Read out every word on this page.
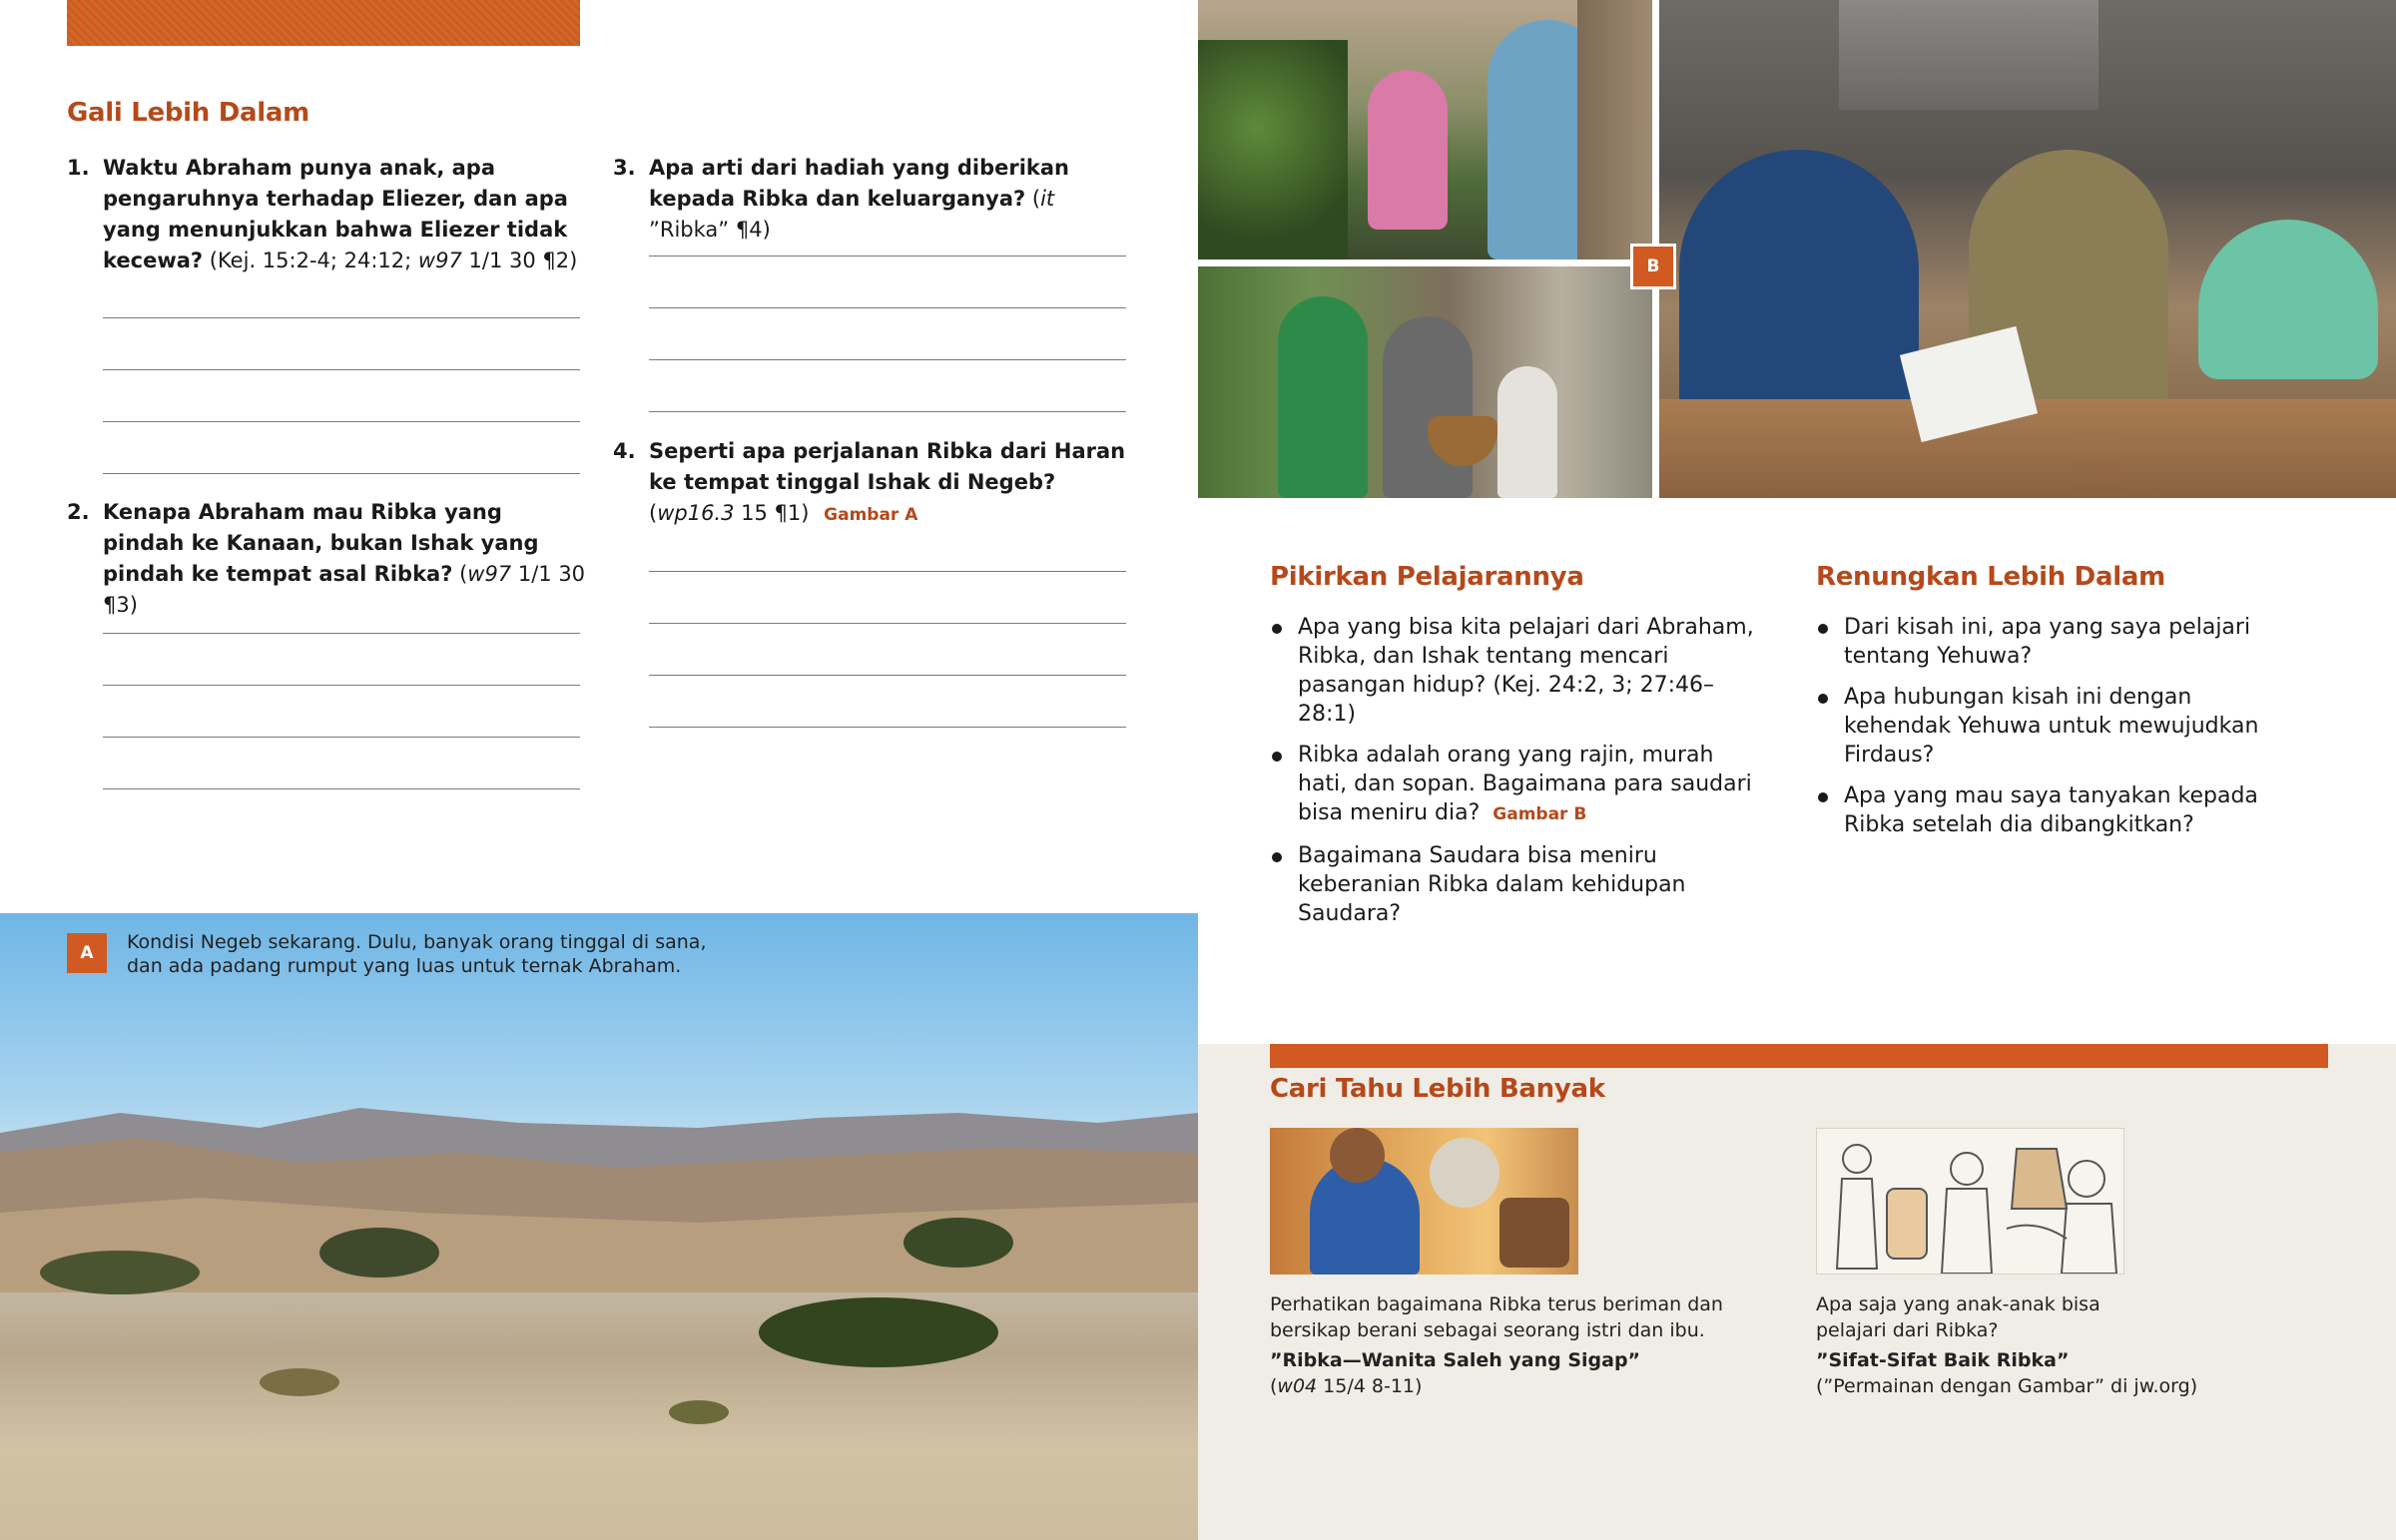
Gali Lebih Dalam
1. Waktu Abraham punya anak, apa pengaruhnya terhadap Eliezer, dan apa yang menunjukkan bahwa Eliezer tidak kecewa? (Kej. 15:2-4; 24:12; w97 1/1 30 ¶2)
2. Kenapa Abraham mau Ribka yang pindah ke Kanaan, bukan Ishak yang pindah ke tempat asal Ribka? (w97 1/1 30 ¶3)
3. Apa arti dari hadiah yang diberikan kepada Ribka dan keluarganya? (it ”Ribka” ¶4)
4. Seperti apa perjalanan Ribka dari Haran ke tempat tinggal Ishak di Negeb?
(wp16.3 15 ¶1) Gambar A
B
Pikirkan Pelajarannya
Apa yang bisa kita pelajari dari Abraham, Ribka, dan Ishak tentang mencari pasangan hidup? (Kej. 24:2, 3; 27:46–28:1)
Ribka adalah orang yang rajin, murah hati, dan sopan. Bagaimana para saudari bisa meniru dia? Gambar B
Bagaimana Saudara bisa meniru keberanian Ribka dalam kehidupan Saudara?
Renungkan Lebih Dalam
Dari kisah ini, apa yang saya pelajari tentang Yehuwa?
Apa hubungan kisah ini dengan kehendak Yehuwa untuk mewujudkan Firdaus?
Apa yang mau saya tanyakan kepada Ribka setelah dia dibangkitkan?
A	Kondisi Negeb sekarang. Dulu, banyak orang tinggal di sana,
dan ada padang rumput yang luas untuk ternak Abraham.
Cari Tahu Lebih Banyak
Perhatikan bagaimana Ribka terus beriman dan
bersikap berani sebagai seorang istri dan ibu.
”Ribka—Wanita Saleh yang Sigap”
(w04 15/4 8-11)
Apa saja yang anak-anak bisa
pelajari dari Ribka?
”Sifat-Sifat Baik Ribka”
(”Permainan dengan Gambar” di jw.org)
